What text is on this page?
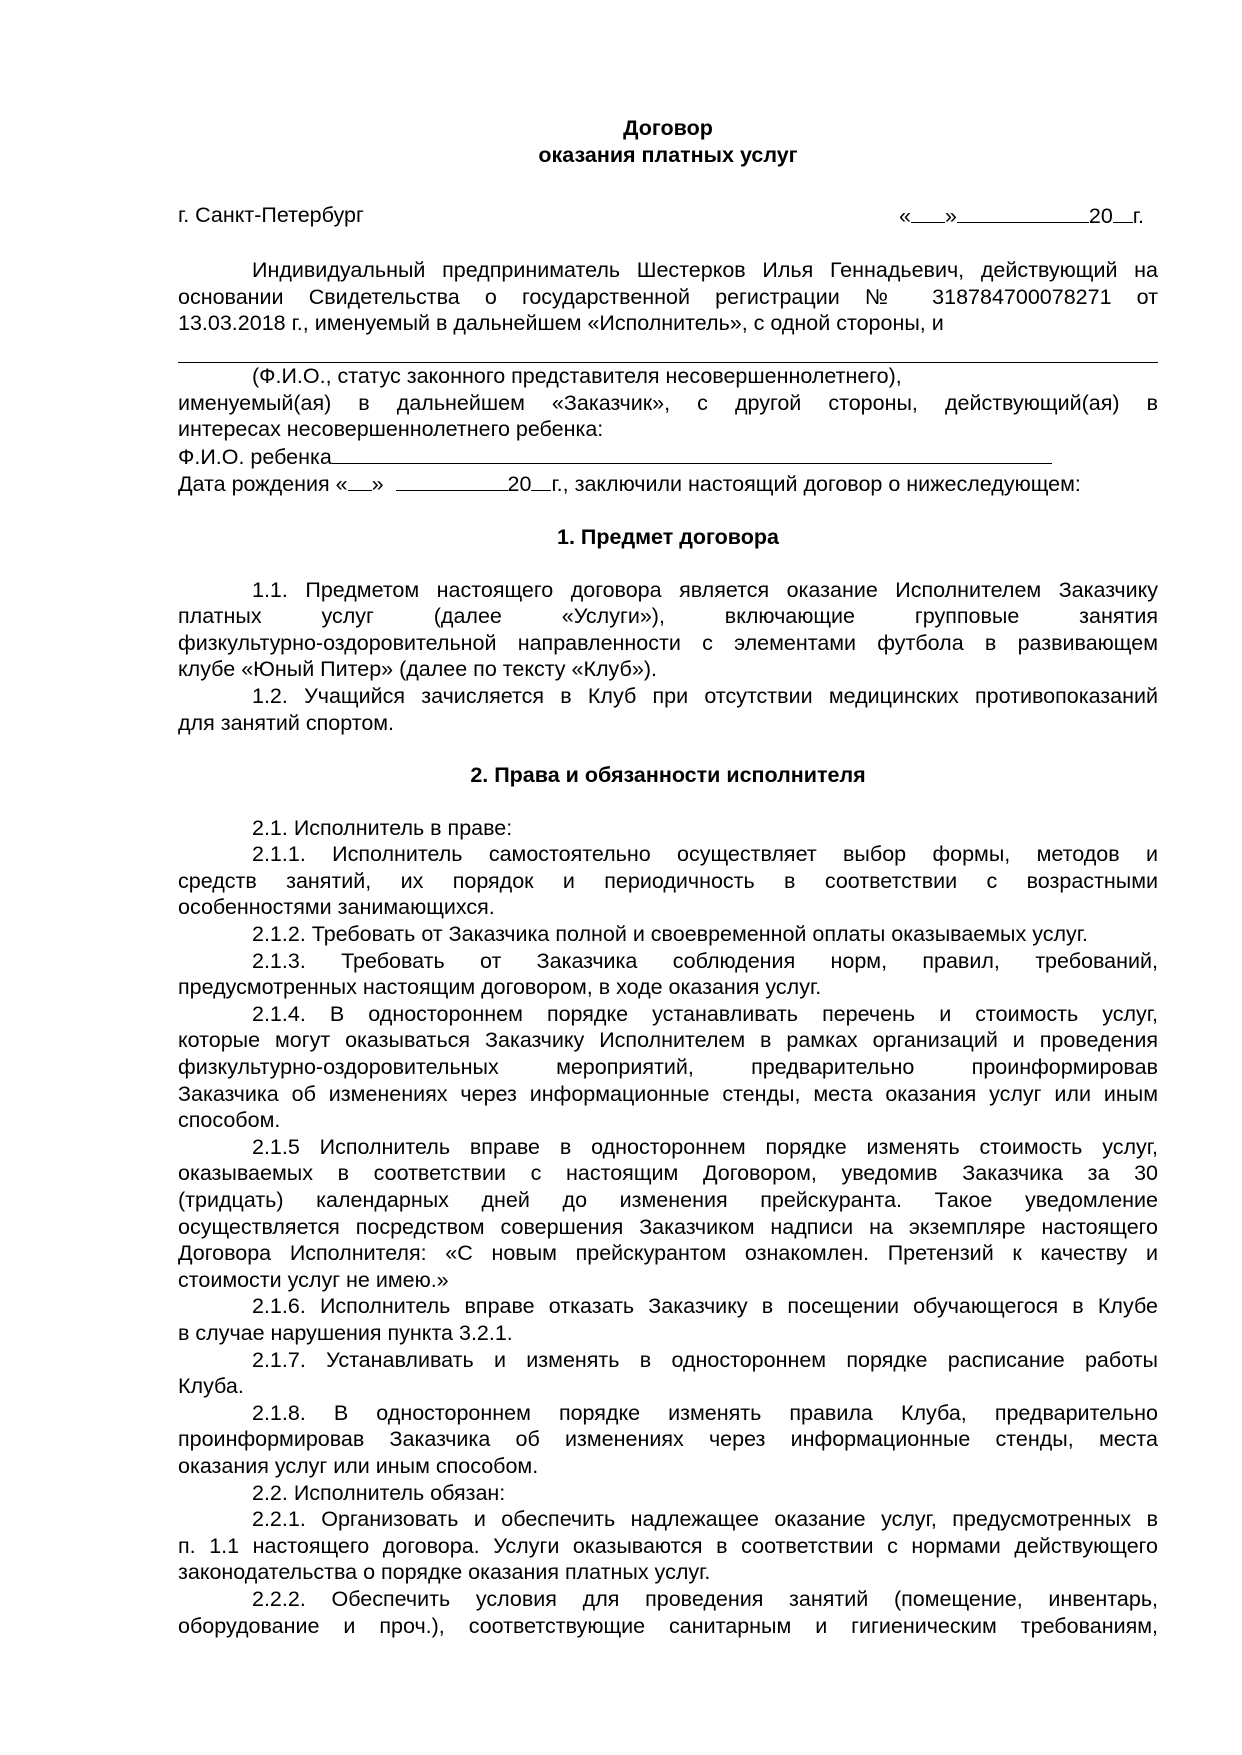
Договор
оказания платных услуг
г. Санкт-Петербург	« »	20 г.
Индивидуальный предприниматель Шестерков Илья Геннадьевич, действующий на
основании Свидетельства о государственной регистрации № 318784700078271 от
13.03.2018 г., именуемый в дальнейшем «Исполнитель», с одной стороны, и
(Ф.И.О., статус законного представителя несовершеннолетнего),
именуемый(ая) в дальнейшем «Заказчик», с другой стороны, действующий(ая) в
интересах несовершеннолетнего ребенка:
Ф.И.О. ребенка
Дата рождения « »	20 г., заключили настоящий договор о нижеследующем:
1. Предмет договора
1.1. Предметом настоящего договора является оказание Исполнителем Заказчику
платных услуг (далее «Услуги»), включающие групповые занятия
физкультурно-оздоровительной направленности с элементами футбола в развивающем
клубе «Юный Питер» (далее по тексту «Клуб»).
1.2. Учащийся зачисляется в Клуб при отсутствии медицинских противопоказаний
для занятий спортом.
2. Права и обязанности исполнителя
2.1. Исполнитель в праве:
2.1.1. Исполнитель самостоятельно осуществляет выбор формы, методов и
средств занятий, их порядок и периодичность в соответствии с возрастными
особенностями занимающихся.
2.1.2. Требовать от Заказчика полной и своевременной оплаты оказываемых услуг.
2.1.3. Требовать от Заказчика соблюдения норм, правил, требований,
предусмотренных настоящим договором, в ходе оказания услуг.
2.1.4. В одностороннем порядке устанавливать перечень и стоимость услуг,
которые могут оказываться Заказчику Исполнителем в рамках организаций и проведения
физкультурно-оздоровительных мероприятий, предварительно проинформировав
Заказчика об изменениях через информационные стенды, места оказания услуг или иным
способом.
2.1.5 Исполнитель вправе в одностороннем порядке изменять стоимость услуг,
оказываемых в соответствии с настоящим Договором, уведомив Заказчика за 30
(тридцать) календарных дней до изменения прейскуранта. Такое уведомление
осуществляется посредством совершения Заказчиком надписи на экземпляре настоящего
Договора Исполнителя: «С новым прейскурантом ознакомлен. Претензий к качеству и
стоимости услуг не имею.»
2.1.6. Исполнитель вправе отказать Заказчику в посещении обучающегося в Клубе
в случае нарушения пункта 3.2.1.
2.1.7. Устанавливать и изменять в одностороннем порядке расписание работы
Клуба.
2.1.8. В одностороннем порядке изменять правила Клуба, предварительно
проинформировав Заказчика об изменениях через информационные стенды, места
оказания услуг или иным способом.
2.2. Исполнитель обязан:
2.2.1. Организовать и обеспечить надлежащее оказание услуг, предусмотренных в
п. 1.1 настоящего договора. Услуги оказываются в соответствии с нормами действующего
законодательства о порядке оказания платных услуг.
2.2.2. Обеспечить условия для проведения занятий (помещение, инвентарь,
оборудование и проч.), соответствующие санитарным и гигиеническим требованиям,
